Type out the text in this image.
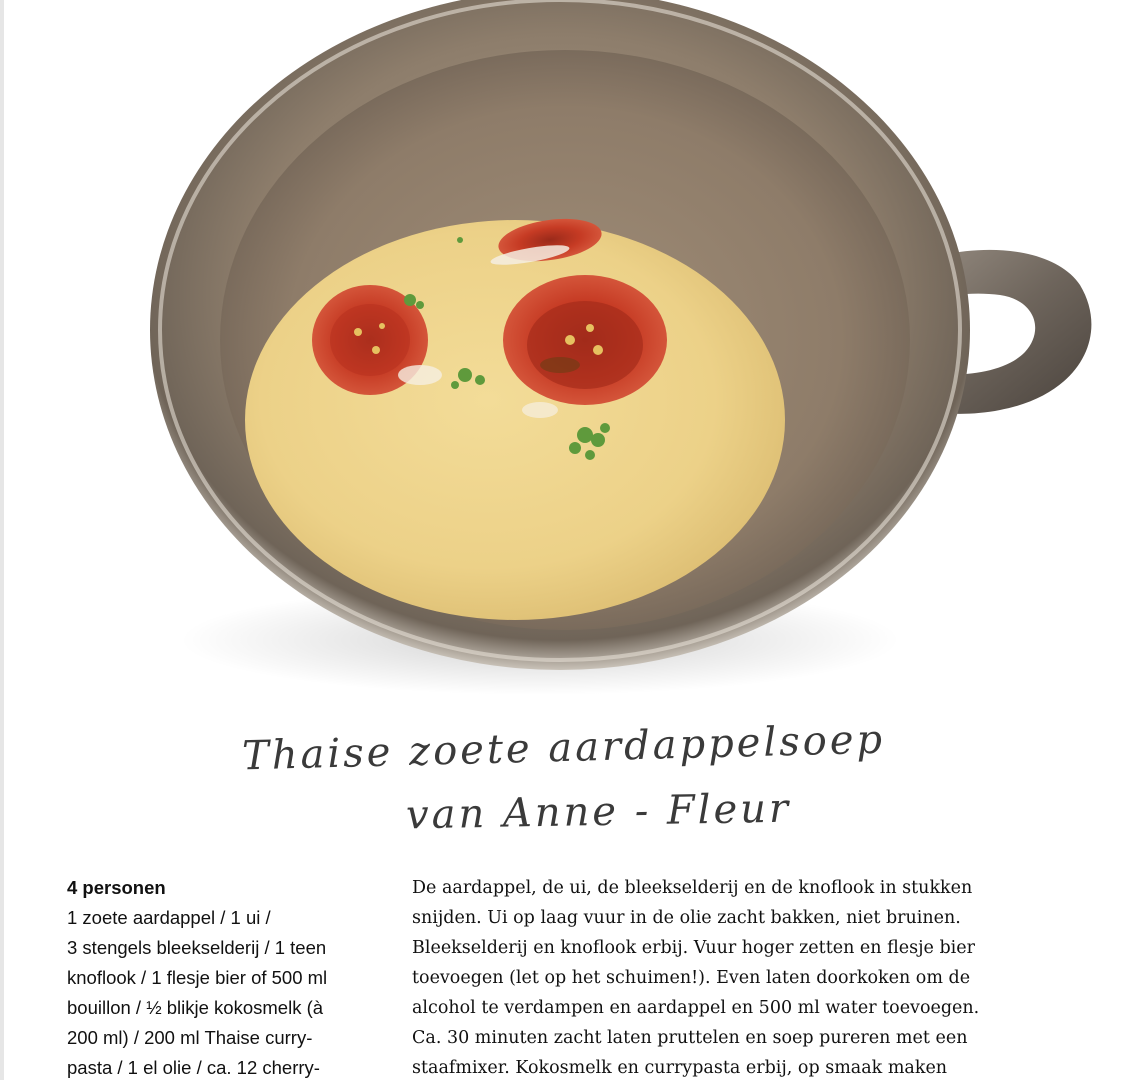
Thaise zoete aardappelsoep
van Anne - Fleur
4 personen
1 zoete aardappel / 1 ui /
3 stengels bleekselderij / 1 teen
knoflook / 1 flesje bier of 500 ml
bouillon / ½ blikje kokosmelk (à
200 ml) / 200 ml Thaise curry-
pasta / 1 el olie / ca. 12 cherry-
De aardappel, de ui, de bleekselderij en de knoflook in stukken
snijden. Ui op laag vuur in de olie zacht bakken, niet bruinen.
Bleekselderij en knoflook erbij. Vuur hoger zetten en flesje bier
toevoegen (let op het schuimen!). Even laten doorkoken om de
alcohol te verdampen en aardappel en 500 ml water toevoegen.
Ca. 30 minuten zacht laten pruttelen en soep pureren met een
staafmixer. Kokosmelk en currypasta erbij, op smaak maken
